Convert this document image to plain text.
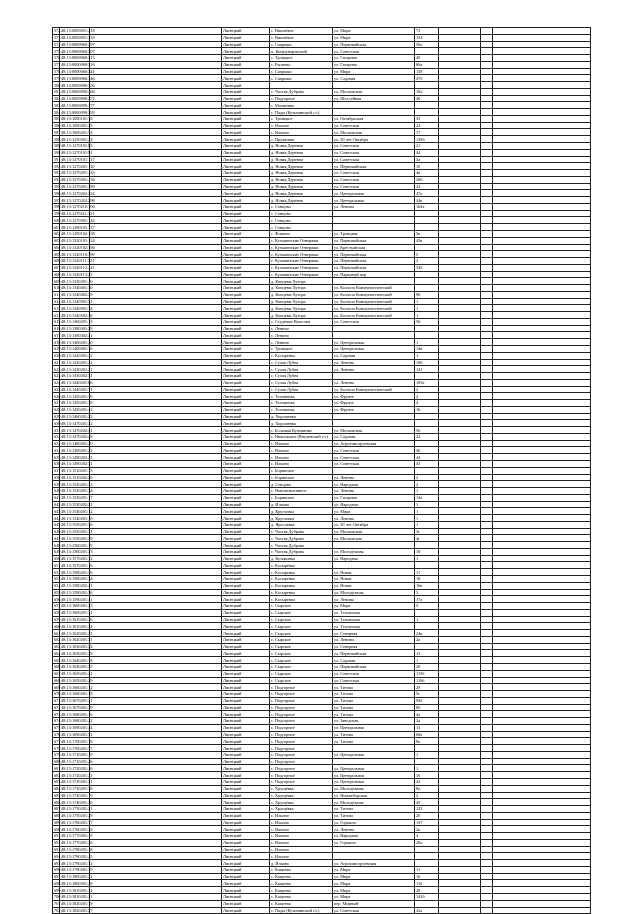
572	48:13:0000051:218		Липецкий	с. Вишнёвое	ул. Мира	73			
573	48:13:0000051:233		Липецкий	с. Вишнёвое	ул. Мира	154			
574	48:13:0000060:297		Липецкий	с. Сапрыки	ул. Первомайская	50а			
575	48:13:0000060:307		Липецкий	п. Коммунаровский	ул. Советская				
576	48:13:0000060:313		Липецкий	с. Троицкое	ул. Гагарина	40			
577	48:13:0000060:316		Липецкий	с. Рылеево	ул. Гагарина	66а			
578	48:13:0000060:341		Липецкий	с. Сапрыки	ул. Мира	158			
579	48:13:0000060:346		Липецкий	с. Сапрыки	ул. Садовая	47б			
580	48:13:0000090:356		Липецкий						
581	48:13:0000090:366		Липецкий	с. Частая Дубрава	ул. Московская	10а			
582	48:13:0000090:372		Липецкий	с. Подгорное	ул. Шоссейная	48			
583	48:13:0000090:377		Липецкий	с. Малинино					
584	48:13:0000090:395		Липецкий	с. Пады (Кузьминский с/с)					
585	48:13:1000101:18		Липецкий	с. Троицкое	ул. Октябрьская	35			
586	48:13:1000201:45		Липецкий	с. Ильино	ул. Советская	24			
587	48:13:1000201:54		Липецкий	с. Ильино	ул. Московская	17			
588	48:13:1250201:24		Липецкий	с. Пружинки	ул. 50 лет Октября	139б			
589	48:13:1270101:83		Липецкий	д. Новая Деревня	ул. Советская	21			
590	48:13:1270101:91		Липецкий	д. Новая Деревня	ул. Советская	44			
591	48:13:1270101:117		Липецкий	д. Новая Деревня	ул. Советская	3а			
592	48:13:1270201:110		Липецкий	д. Новая Деревня	ул. Первомайская	10			
593	48:13:1270201:143		Липецкий	д. Новая Деревня	ул. Советская	4в			
594	48:13:1270201:156		Липецкий	д. Новая Деревня	ул. Советская	26б			
595	48:13:1270201:189		Липецкий	д. Новая Деревня	ул. Советская	24			
596	48:13:1270202:254		Липецкий	д. Новая Деревня	ул. Центральная	47а			
597	48:13:1270202:298		Липецкий	д. Новая Деревня	ул. Центральная	44в			
598	48:13:1270210:106		Липецкий	с. Сенцово	ул. Ленина	164а			
599	48:13:1270211:121		Липецкий	с. Сенцово					
600	48:13:1270301:142		Липецкий	с. Сенцово					
601	48:13:1290101:137		Липецкий	с. Сенцово					
602	48:13:1290102:138		Липецкий	с. Фомино	ул. Троицкая	5в			
603	48:13:1320101:124		Липецкий	с. Кузьминские Отвержки	ул. Первомайская	45в			
604	48:13:1320102:166		Липецкий	с. Кузьминские Отвержки	ул. Крестьянская				
605	48:13:1320110:199		Липецкий	с. Кузьминские Отвержки	ул. Первомайская	5			
606	48:13:1320111:121		Липецкий	с. Кузьминские Отвержки	ул. Первомайская	2			
607	48:13:1320112:141		Липецкий	с. Кузьминские Отвержки	ул. Первомайская	32б			
608	48:13:1320113:45		Липецкий	с. Кузьминские Отвержки	ул. Парковый пер				
609	48:13:1330301:19		Липецкий	д. Копцевы Хутора					
610	48:13:1340401:30		Липецкий	д. Копцевы Хутора	ул. Колхоза Коммунистический				
611	48:13:1340402:29		Липецкий	д. Копцевы Хутора	ул. Колхоза Коммунистический	96			
612	48:13:1340501:31		Липецкий	д. Копцевы Хутора	ул. Колхоза Коммунистический	1			
613	48:13:1340501:34		Липецкий	д. Копцевы Хутора	ул. Колхоза Коммунистический	1			
614	48:13:1340502:36		Липецкий	д. Копцевы Хутора	ул. Колхоза Коммунистический	1			
615	48:13:1360201:13		Липецкий	с. Студёные Выселки	ул. Советская	56			
616	48:13:1380301:29		Липецкий	с. Ленино					
617	48:13:1380302:41		Липецкий	с. Ленино					
618	48:13:1400201:20		Липецкий	с. Ленино	ул. Центральная	1			
619	48:13:1400401:16		Липецкий	с. Троицкое	ул. Центральная	14в			
620	48:13:1420201:31		Липецкий	с. Косыревка	ул. Садовая	1			
621	48:13:1420201:42		Липецкий	с. Сухая Лубна	ул. Ленина	106			
622	48:13:1430201:21		Липецкий	с. Сухая Лубна	ул. Ленина	141			
623	48:13:1430202:31		Липецкий	с. Сухая Лубна					
624	48:13:1440201:66		Липецкий	с. Сухая Лубна	ул. Ленина	105а			
625	48:13:1440201:71		Липецкий	с. Сухая Лубна	ул. Колхоза Коммунистический	2			
626	48:13:1450201:29		Липецкий	с. Тележенка	ул. Фрунзе	2			
627	48:13:1450201:39		Липецкий	с. Тележенка	ул. Фрунзе	4			
628	48:13:1450201:42		Липецкий	с. Тележенка	ул. Фрунзе	16			
629	48:13:1460201:22		Липецкий	д. Хорошевка					
630	48:13:1470201:22		Липецкий	д. Хорошевка					
631	48:13:1470202:41		Липецкий	с. Большая Кузьминка	ул. Московская	56			
632	48:13:1470202:48		Липецкий	с. Никольское (Введенский с/с)	ул. Садовая	24			
633	48:13:1480201:20		Липецкий	с. Ильино	ул. Агрохимстроевская				
634	48:13:1490201:22		Липецкий	с. Ильино	ул. Советская	40			
635	48:13:1490202:23		Липецкий	с. Ильино	ул. Советская	44			
636	48:13:1490202:31		Липецкий	с. Ильино	ул. Советская	43			
637	48:13:1510201:13		Липецкий	с. Боринское					
638	48:13:1510202:26		Липецкий	с. Боринское	ул. Ленина	2			
639	48:13:1520201:22		Липецкий	д. Сенцово	ул. Народная	2			
640	48:13:1520201:34		Липецкий	с. Новоживотинное	ул. Ленина	1			
641	48:13:1530201:17		Липецкий	с. Боринское	ул. Гагарина	14а			
642	48:13:1530202:21		Липецкий	д. Ильино	ул. Народная	1			
643	48:13:1540201:12		Липецкий	д. Кругловка	ул. Мира	1			
644	48:13:1540201:18		Липецкий	д. Кругловка	ул. Ленина	1			
645	48:13:1550201:26		Липецкий	д. Ярославка	ул. 50 лет Октября	1			
646	48:13:1550201:31		Липецкий	с. Частая Дубрава	ул. Московская	3г			
647	48:13:1550201:39		Липецкий	с. Частая Дубрава	ул. Московская	4г			
648	48:13:1560201:19		Липецкий	с. Частая Дубрава					
649	48:13:1560201:23		Липецкий	с. Частая Дубрава	ул. Молодёжная	10			
650	48:13:1570201:12		Липецкий	д. Кузьминка	ул. Народная	1			
651	48:13:1570201:16		Липецкий	с. Косырёвка					
652	48:13:1580201:26		Липецкий	с. Косыревка	ул. Новая	11			
653	48:13:1580201:34		Липецкий	с. Косыревка	ул. Новая	18			
654	48:13:1580202:41		Липецкий	с. Косыревка	ул. Новая	16в			
655	48:13:1590201:36		Липецкий	с. Косыревка	ул. Молодёжная	3			
656	48:13:1590201:41		Липецкий	с. Косыревка	ул. Ленина	17а			
657	48:13:1600201:23		Липецкий	с. Сырское	ул. Мира	5			
658	48:13:1600201:31		Липецкий	с. Сырское	ул. Тепличная				
659	48:13:1610201:26		Липецкий	с. Сырское	ул. Тепличная	1			
660	48:13:1610201:34		Липецкий	с. Сырское	ул. Тепличная				
661	48:13:1620201:23		Липецкий	с. Сырское	ул. Северная	24в			
662	48:13:1620201:31		Липецкий	с. Сырское	ул. Ленина	2а			
663	48:13:1630201:22		Липецкий	с. Сырское	ул. Северная				
664	48:13:1630201:29		Липецкий	с. Сырское	ул. Первомайская	13			
665	48:13:1640201:18		Липецкий	с. Сырское	ул. Садовая	1			
666	48:13:1640201:25		Липецкий	с. Сырское	ул. Первомайская	20			
667	48:13:1650201:21		Липецкий	с. Сырское	ул. Советская	115б			
668	48:13:1650201:29		Липецкий	с. Сырское	ул. Советская	116б			
669	48:13:1660201:12		Липецкий	с. Подгорное	ул. Титова	29			
670	48:13:1660201:18		Липецкий	с. Подгорное	ул. Титова	5г			
671	48:13:1670201:21		Липецкий	с. Подгорное	ул. Титова	94б			
672	48:13:1670201:29		Липецкий	с. Подгорное	ул. Титова	8б			
673	48:13:1680201:16		Липецкий	с. Подгорное	ул. Титова	4а			
674	48:13:1680201:22		Липецкий	с. Подгорное	ул. Заводская	2а			
675	48:13:1690201:24		Липецкий	с. Подгорное	ул. Центральная	13			
676	48:13:1690201:31		Липецкий	с. Подгорное	ул. Титова	68а			
677	48:13:1700201:18		Липецкий	с. Подгорное	ул. Титова	8а			
678	48:13:1700201:27		Липецкий	с. Подгорное					
679	48:13:1710201:19		Липецкий	с. Подгорное	ул. Центральная	1			
680	48:13:1710201:26		Липецкий	с. Подгорное					
681	48:13:1720201:16		Липецкий	с. Подгорное	ул. Центральная	1			
682	48:13:1720201:23		Липецкий	с. Подгорное	ул. Центральная	16			
683	48:13:1730201:21		Липецкий	с. Подгорное	ул. Центральная	42			
684	48:13:1730201:28		Липецкий	с. Хрущёвка	ул. Молодёжная	8а			
685	48:13:1740201:19		Липецкий	с. Хрущёвка	ул. Нижнеборская	2			
686	48:13:1740201:26		Липецкий	с. Хрущёвка	ул. Молодёжная	45			
687	48:13:1750201:21		Липецкий	с. Хрущёвка	ул. Титова	125			
688	48:13:1750201:29		Липецкий	с. Ильино	ул. Титова	20			
689	48:13:1760201:17		Липецкий	с. Ильино	ул. Горького	137			
690	48:13:1760201:24		Липецкий	с. Ильино	ул. Ленина	2а			
691	48:13:1770201:19		Липецкий	с. Ильино	ул. Народная	4			
692	48:13:1770201:26		Липецкий	с. Ильино	ул. Горького	20а			
693	48:13:1780201:18		Липецкий	с. Ильино					
694	48:13:1780201:25		Липецкий	с. Ильино					
695	48:13:1790201:12		Липецкий	д. Ильино	ул. Агрохимстроевская				
696	48:13:1790201:19		Липецкий	с. Кащеево	ул. Мира	11			
697	48:13:1800201:21		Липецкий	с. Кащеево	ул. Мира	16			
698	48:13:1800201:28		Липецкий	с. Кащеево	ул. Мира	11б			
699	48:13:1810201:14		Липецкий	с. Кащеево	ул. Мира	28			
700	48:13:1810201:21		Липецкий	с. Кащеево	ул. Мира	142б			
701	48:13:1820201:19		Липецкий	с. Кащеево	пер. Мирный				
702	48:13:1820201:27		Липецкий	с. Пады (Кузьминский с/с)	ул. Советская	42а			
